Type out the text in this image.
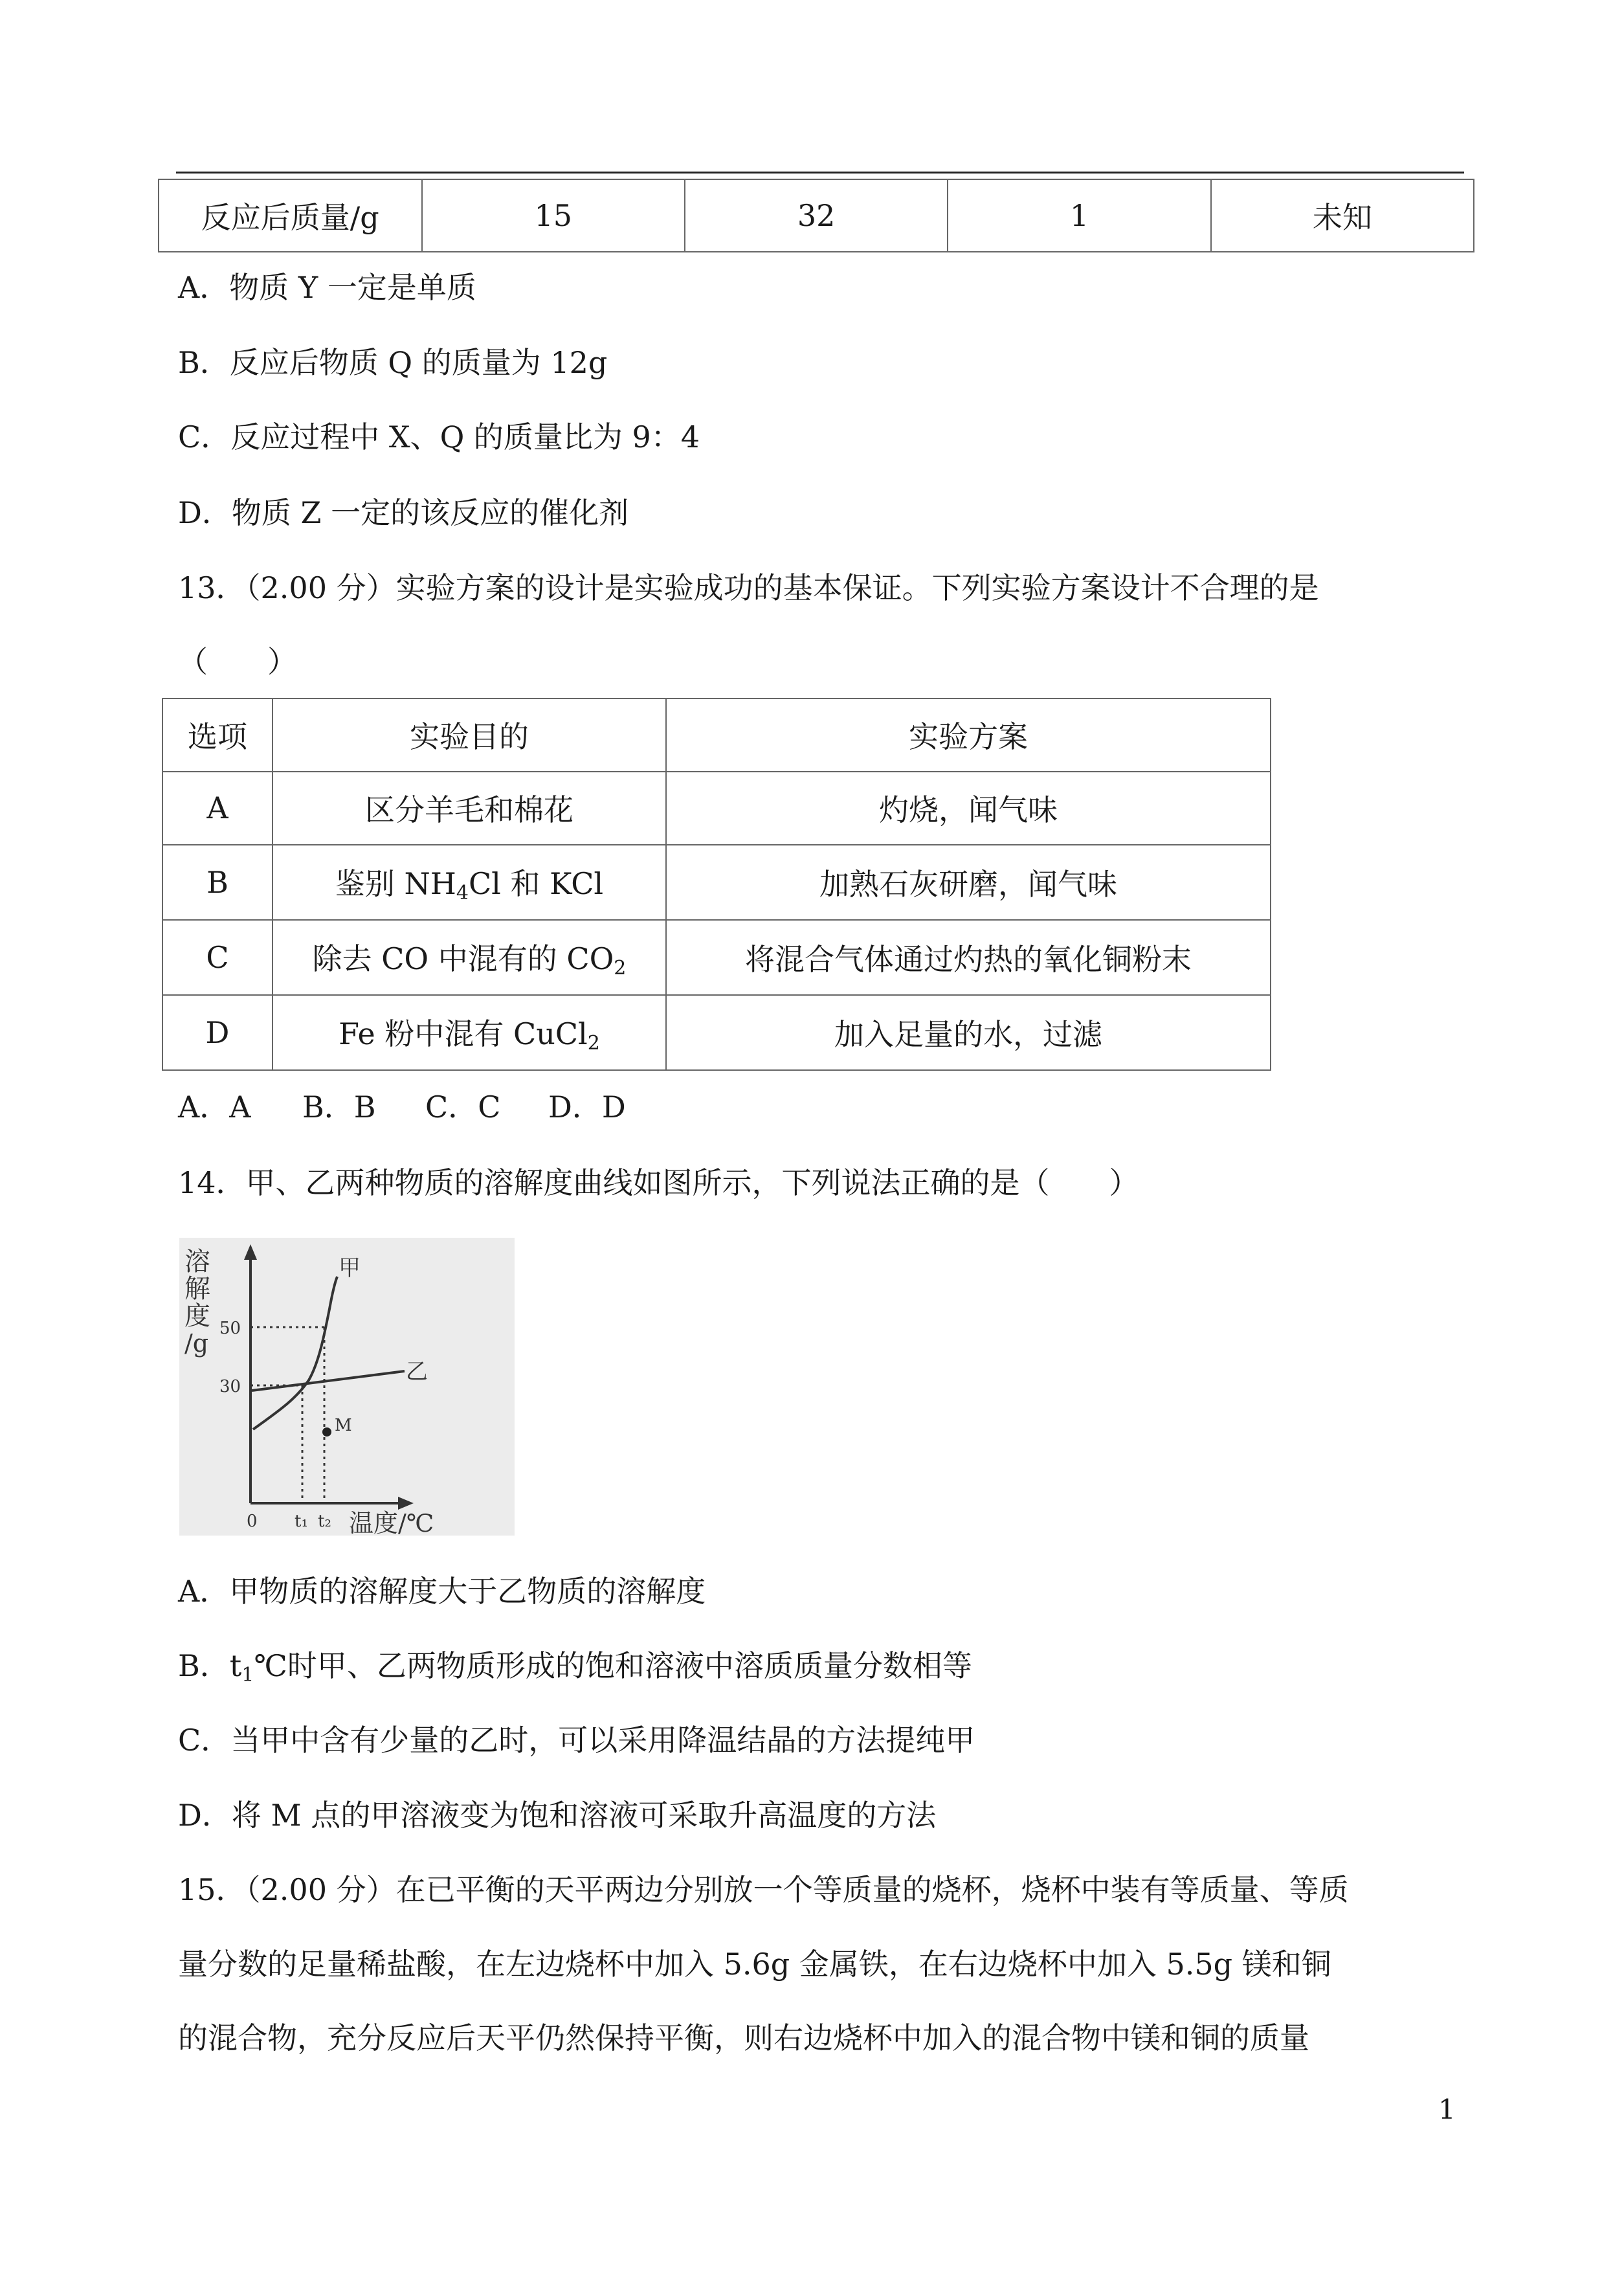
反应后质量/g	15	32	1	未知
A．物质 Y 一定是单质
B．反应后物质 Q 的质量为 12g
C．反应过程中 X、Q 的质量比为 9：4
D．物质 Z 一定的该反应的催化剂
13．（2.00 分）实验方案的设计是实验成功的基本保证。下列实验方案设计不合理的是
（　　）
选项	实验目的	实验方案
A	区分羊毛和棉花	灼烧，闻气味
B	鉴别 $NH_4Cl$ 和 KCl	加熟石灰研磨，闻气味
C	除去 CO 中混有的 $CO_2$	将混合气体通过灼热的氧化铜粉末
D	Fe 粉中混有 CuCl$_2$	加入足量的水，过滤
A．A B．B C．C D．D
14．甲、乙两种物质的溶解度曲线如图所示，下列说法正确的是（　　）
溶
解
度
/g
50
30
甲
乙
M
0 t₁ t₂ 温度/℃
A．甲物质的溶解度大于乙物质的溶解度
B．$t_1℃$时甲、乙两物质形成的饱和溶液中溶质质量分数相等
C．当甲中含有少量的乙时，可以采用降温结晶的方法提纯甲
D．将 M 点的甲溶液变为饱和溶液可采取升高温度的方法
15．（2.00 分）在已平衡的天平两边分别放一个等质量的烧杯，烧杯中装有等质量、等质
量分数的足量稀盐酸，在左边烧杯中加入 5.6g 金属铁，在右边烧杯中加入 5.5g 镁和铜
的混合物，充分反应后天平仍然保持平衡，则右边烧杯中加入的混合物中镁和铜的质量
1
